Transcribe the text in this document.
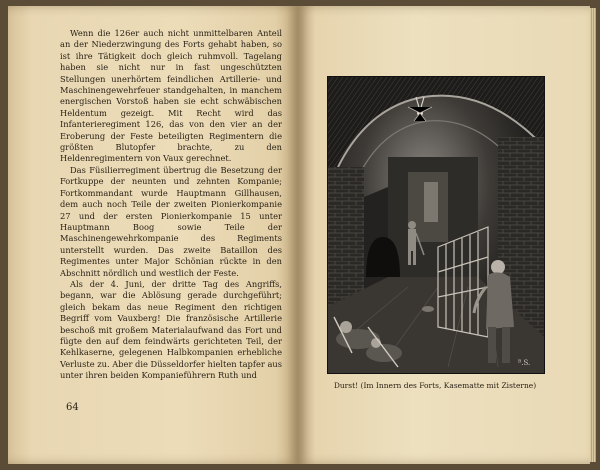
Wenn die 126er auch nicht unmittelbaren Anteil an der Niederzwingung des Forts gehabt haben, so ist ihre Tätigkeit doch gleich ruhmvoll. Tagelang haben sie nicht nur in fast ungeschützten Stellungen unerhörtem feindlichen Artillerie- und Maschinengewehrfeuer standgehalten, in manchem energischen Vorstoß haben sie echt schwäbischen Heldentum gezeigt. Mit Recht wird das Infanterieregiment 126, das von den vier an der Eroberung der Feste beteiligten Regimentern die größten Blutopfer brachte, zu den Heldenregimentern von Vaux gerechnet.

Das Füsilierregiment übertrug die Besetzung der Fortkuppe der neunten und zehnten Kompanie; Fortkommandant wurde Hauptmann Gillhausen, dem auch noch Teile der zweiten Pionierkompanie 27 und der ersten Pionierkompanie 15 unter Hauptmann Boog sowie Teile der Maschinengewehrkompanie des Regiments unterstellt wurden. Das zweite Bataillon des Regimentes unter Major Schönian rückte in den Abschnitt nördlich und westlich der Feste.

Als der 4. Juni, der dritte Tag des Angriffs, begann, war die Ablösung gerade durchgeführt; gleich bekam das neue Regiment den richtigen Begriff vom Vauxberg! Die französische Artillerie beschoß mit großem Materialaufwand das Fort und fügte den auf dem feindwärts gerichteten Teil, der Kehlkaserne, gelegenen Halbkompanien erhebliche Verluste zu. Aber die Düsseldorfer hielten tapfer aus unter ihren beiden Kompanieführern Ruth und

64
ᴮ.S.
Durst! (Im Innern des Forts, Kasematte mit Zisterne)
